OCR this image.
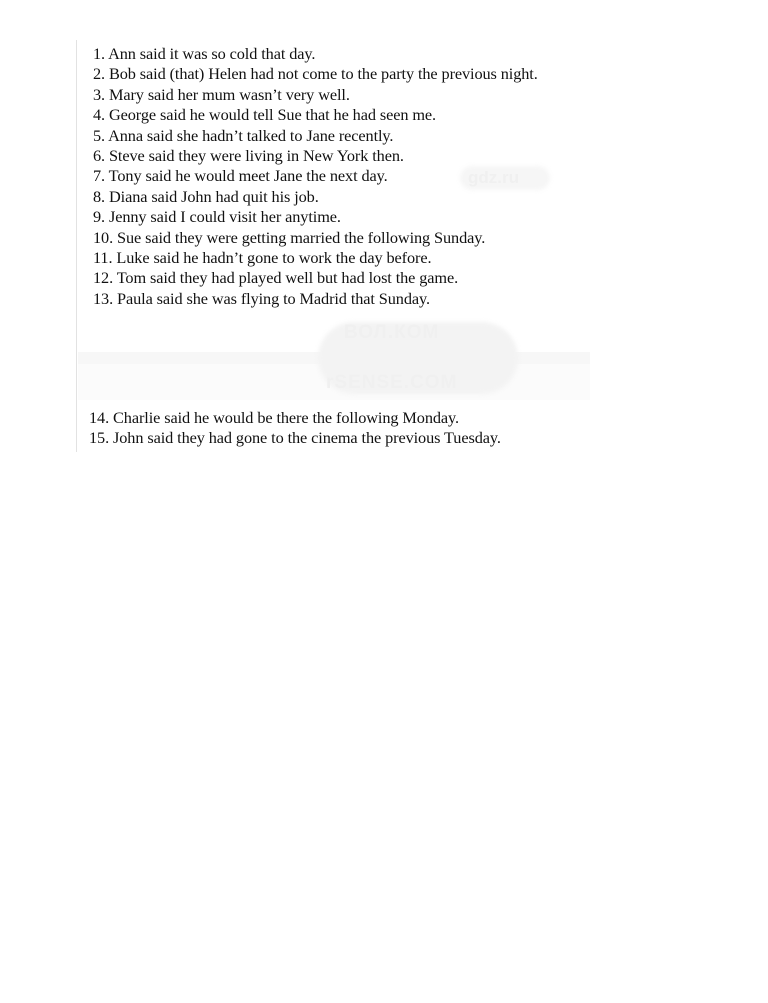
gdz.ru
ВОЛ.КОМ
rSENSE.COM
1. Ann said it was so cold that day.
2. Bob said (that) Helen had not come to the party the previous night.
3. Mary said her mum wasn’t very well.
4. George said he would tell Sue that he had seen me.
5. Anna said she hadn’t talked to Jane recently.
6. Steve said they were living in New York then.
7. Tony said he would meet Jane the next day.
8. Diana said John had quit his job.
9. Jenny said I could visit her anytime.
10. Sue said they were getting married the following Sunday.
11. Luke said he hadn’t gone to work the day before.
12. Tom said they had played well but had lost the game.
13. Paula said she was flying to Madrid that Sunday.
14. Charlie said he would be there the following Monday.
15. John said they had gone to the cinema the previous Tuesday.
